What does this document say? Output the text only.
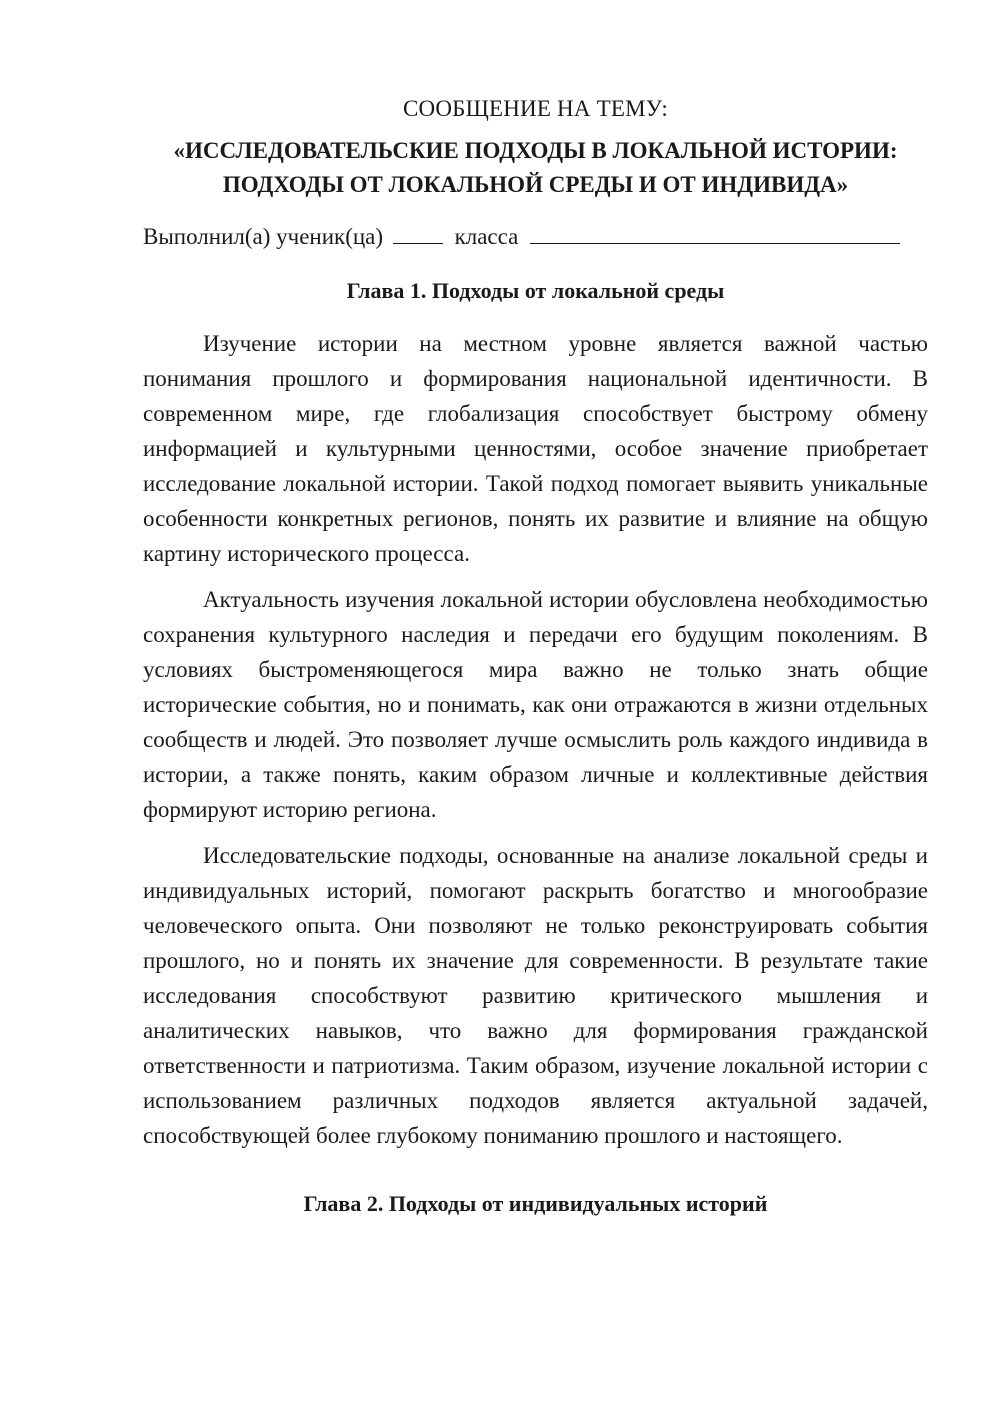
СООБЩЕНИЕ НА ТЕМУ:
«ИССЛЕДОВАТЕЛЬСКИЕ ПОДХОДЫ В ЛОКАЛЬНОЙ ИСТОРИИ:
ПОДХОДЫ ОТ ЛОКАЛЬНОЙ СРЕДЫ И ОТ ИНДИВИДА»
Выполнил(а) ученик(ца)	класса
Глава 1. Подходы от локальной среды

Изучение истории на местном уровне является важной частью понимания прошлого и формирования национальной идентичности. В современном мире, где глобализация способствует быстрому обмену информацией и культурными ценностями, особое значение приобретает исследование локальной истории. Такой подход помогает выявить уникальные особенности конкретных регионов, понять их развитие и влияние на общую картину исторического процесса.

Актуальность изучения локальной истории обусловлена необходимостью сохранения культурного наследия и передачи его будущим поколениям. В условиях быстроменяющегося мира важно не только знать общие исторические события, но и понимать, как они отражаются в жизни отдельных сообществ и людей. Это позволяет лучше осмыслить роль каждого индивида в истории, а также понять, каким образом личные и коллективные действия формируют историю региона.

Исследовательские подходы, основанные на анализе локальной среды и индивидуальных историй, помогают раскрыть богатство и многообразие человеческого опыта. Они позволяют не только реконструировать события прошлого, но и понять их значение для современности. В результате такие исследования способствуют развитию критического мышления и аналитических навыков, что важно для формирования гражданской ответственности и патриотизма. Таким образом, изучение локальной истории с использованием различных подходов является актуальной задачей, способствующей более глубокому пониманию прошлого и настоящего.

Глава 2. Подходы от индивидуальных историй
